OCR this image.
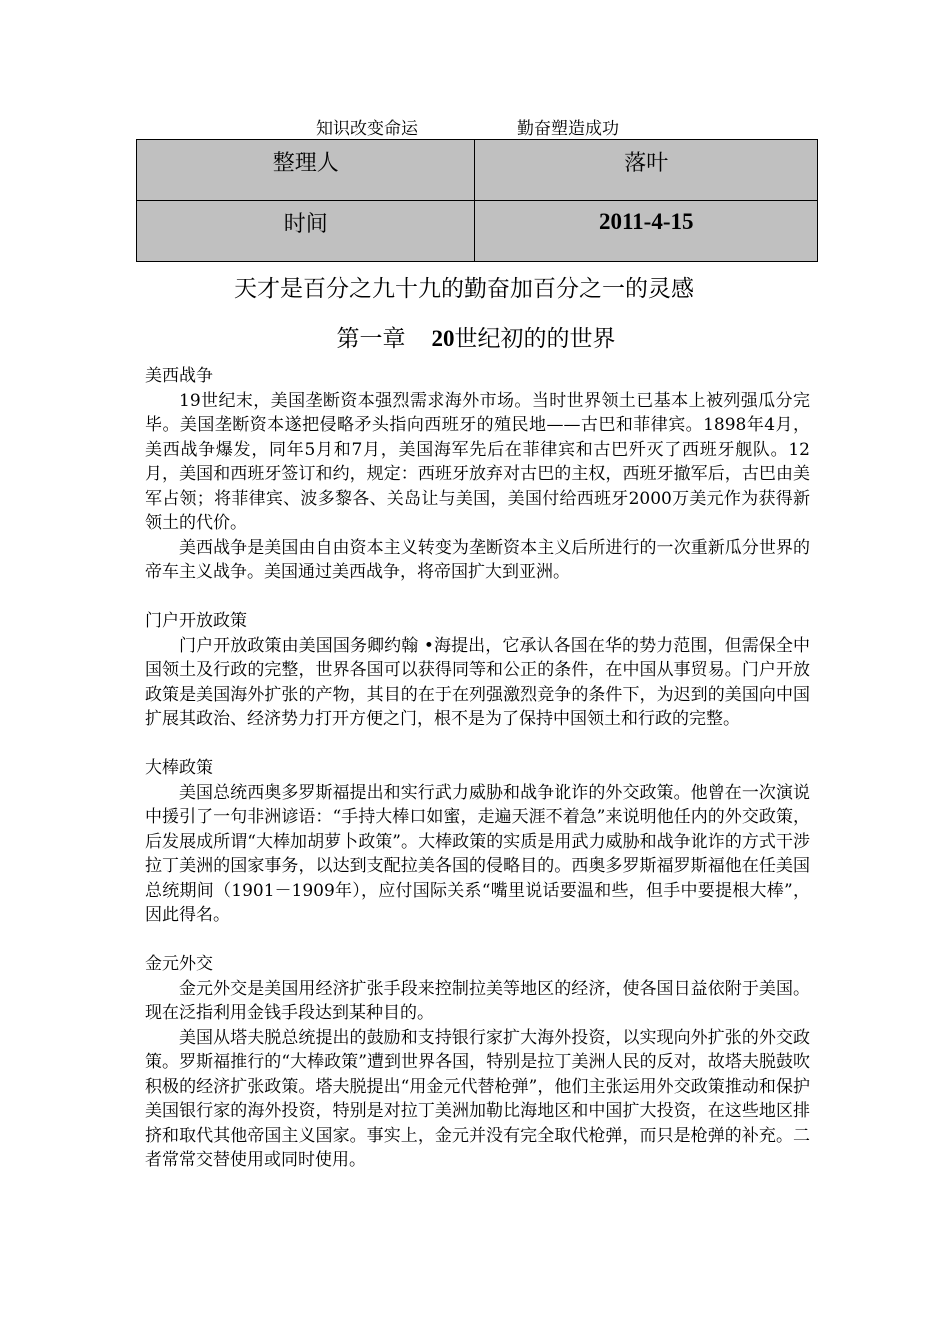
知识改变命运	勤奋塑造成功
整理人	落叶
时间	2011-4-15
天才是百分之九十九的勤奋加百分之一的灵感
第一章 20世纪初的的世界
美西战争

19世纪末，美国垄断资本强烈需求海外市场。当时世界领土已基本上被列强瓜分完毕。美国垄断资本遂把侵略矛头指向西班牙的殖民地——古巴和菲律宾。1898年4月，美西战争爆发，同年5月和7月，美国海军先后在菲律宾和古巴歼灭了西班牙舰队。12 月，美国和西班牙签订和约，规定：西班牙放弃对古巴的主权，西班牙撤军后，古巴由美军占领；将菲律宾、波多黎各、关岛让与美国，美国付给西班牙2000万美元作为获得新领土的代价。

美西战争是美国由自由资本主义转变为垄断资本主义后所进行的一次重新瓜分世界的帝车主义战争。美国通过美西战争，将帝国扩大到亚洲。

门户开放政策

门户开放政策由美国国务卿约翰 •海提出，它承认各国在华的势力范围，但需保全中国领土及行政的完整，世界各国可以获得同等和公正的条件，在中国从事贸易。门户开放政策是美国海外扩张的产物，其目的在于在列强激烈竞争的条件下，为迟到的美国向中国扩展其政治、经济势力打开方便之门，根不是为了保持中国领土和行政的完整。

大棒政策

美国总统西奥多罗斯福提出和实行武力威胁和战争讹诈的外交政策。他曾在一次演说中援引了一句非洲谚语：“手持大棒口如蜜，走遍天涯不着急”来说明他任内的外交政策，后发展成所谓“大棒加胡萝卜政策”。大棒政策的实质是用武力威胁和战争讹诈的方式干涉拉丁美洲的国家事务，以达到支配拉美各国的侵略目的。西奥多罗斯福罗斯福他在任美国总统期间（1901－1909年），应付国际关系“嘴里说话要温和些，但手中要提根大棒”，因此得名。

金元外交

金元外交是美国用经济扩张手段来控制拉美等地区的经济，使各国日益依附于美国。现在泛指利用金钱手段达到某种目的。

美国从塔夫脱总统提出的鼓励和支持银行家扩大海外投资，以实现向外扩张的外交政策。罗斯福推行的“大棒政策”遭到世界各国，特别是拉丁美洲人民的反对，故塔夫脱鼓吹积极的经济扩张政策。塔夫脱提出“用金元代替枪弹”，他们主张运用外交政策推动和保护美国银行家的海外投资，特别是对拉丁美洲加勒比海地区和中国扩大投资，在这些地区排挤和取代其他帝国主义国家。事实上，金元并没有完全取代枪弹，而只是枪弹的补充。二者常常交替使用或同时使用。
